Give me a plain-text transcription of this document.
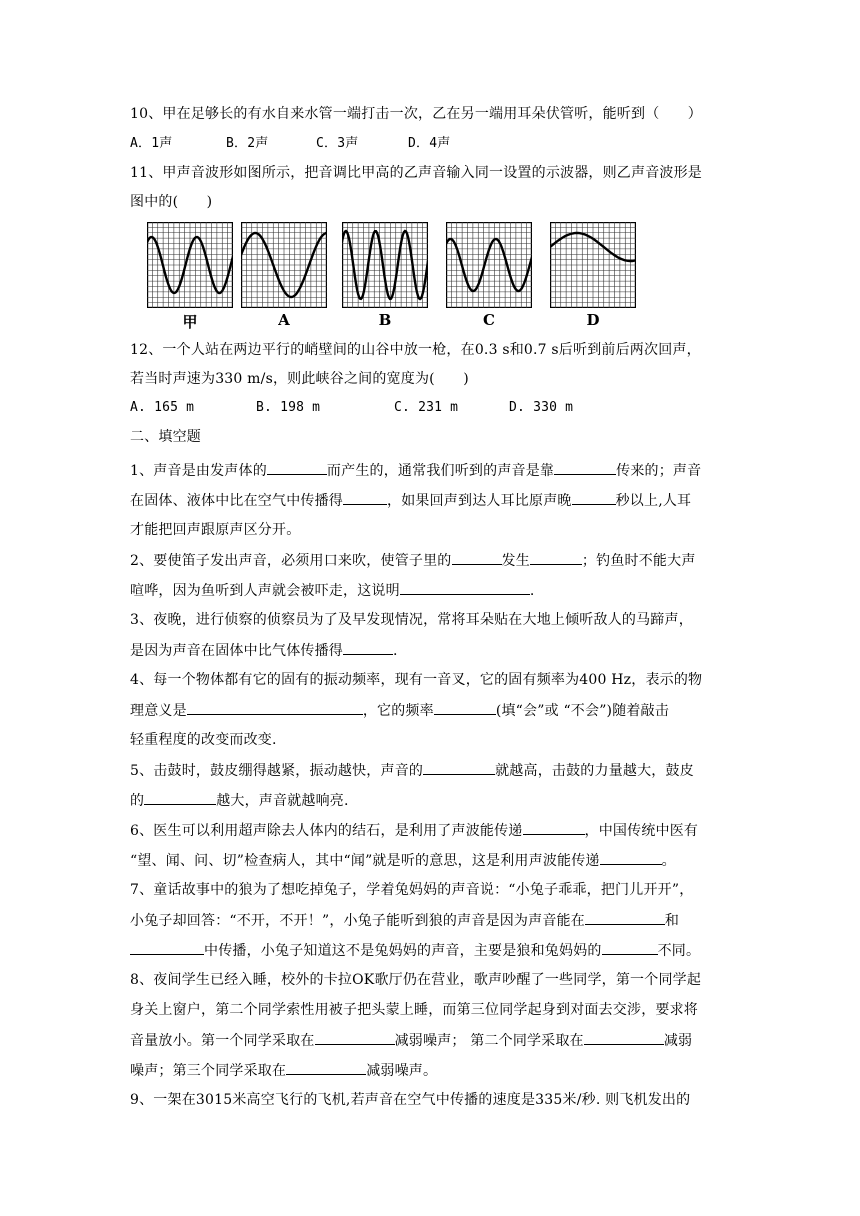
10、甲在足够长的有水自来水管一端打击一次，乙在另一端用耳朵伏管听，能听到（　　）
A．1声	B．2声	C．3声	D．4声
11、甲声音波形如图所示，把音调比甲高的乙声音输入同一设置的示波器，则乙声音波形是
图中的(　　)
甲	A	B	C	D
12、一个人站在两边平行的峭壁间的山谷中放一枪，在0.3 s和0.7 s后听到前后两次回声，
若当时声速为330 m/s，则此峡谷之间的宽度为(　　)
A. 165 m	B. 198 m	C. 231 m	D. 330 m
二、填空题
1、声音是由发声体的	而产生的，通常我们听到的声音是靠	传来的；声音
在固体、液体中比在空气中传播得	，如果回声到达人耳比原声晚	秒以上,人耳
才能把回声跟原声区分开。
2、要使笛子发出声音，必须用口来吹，使管子里的	发生	；钓鱼时不能大声
喧哗，因为鱼听到人声就会被吓走，这说明	.
3、夜晚，进行侦察的侦察员为了及早发现情况，常将耳朵贴在大地上倾听敌人的马蹄声，
是因为声音在固体中比气体传播得	.
4、每一个物体都有它的固有的振动频率，现有一音叉，它的固有频率为400 Hz，表示的物
理意义是	，它的频率	(填“会”或 “不会”)随着敲击
轻重程度的改变而改变.
5、击鼓时，鼓皮绷得越紧，振动越快，声音的	就越高，击鼓的力量越大，鼓皮
的	越大，声音就越响亮.
6、医生可以利用超声除去人体内的结石，是利用了声波能传递	，中国传统中医有
“望、闻、问、切”检查病人，其中“闻”就是听的意思，这是利用声波能传递	。
7、童话故事中的狼为了想吃掉兔子，学着兔妈妈的声音说：“小兔子乖乖，把门儿开开”，
小兔子却回答：“不开，不开！”，小兔子能听到狼的声音是因为声音能在	和
中传播，小兔子知道这不是兔妈妈的声音，主要是狼和兔妈妈的	不同。
8、夜间学生已经入睡，校外的卡拉OK歌厅仍在营业，歌声吵醒了一些同学，第一个同学起
身关上窗户，第二个同学索性用被子把头蒙上睡，而第三位同学起身到对面去交涉，要求将
音量放小。第一个同学采取在	减弱噪声； 第二个同学采取在	减弱
噪声；第三个同学采取在	减弱噪声。
9、一架在3015米高空飞行的飞机,若声音在空气中传播的速度是335米/秒. 则飞机发出的
